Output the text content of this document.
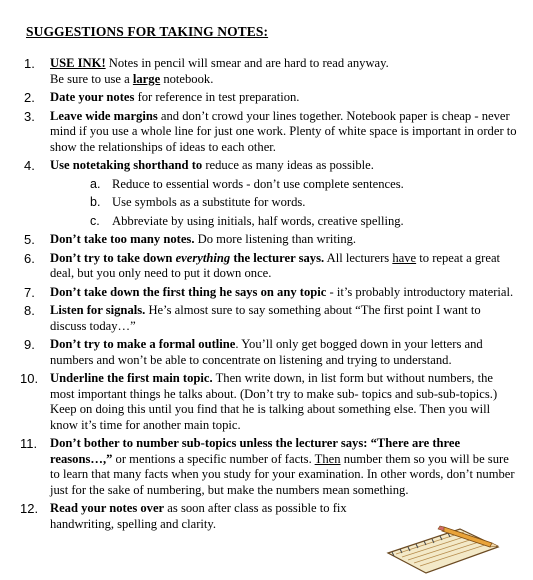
SUGGESTIONS FOR TAKING NOTES:
1.	USE INK! Notes in pencil will smear and are hard to read anyway.
Be sure to use a large notebook.
2.	Date your notes for reference in test preparation.
3.	Leave wide margins and don’t crowd your lines together. Notebook paper is cheap - never mind if you use a whole line for just one work. Plenty of white space is important in order to show the relationships of ideas to each other.
4.	Use notetaking shorthand to reduce as many ideas as possible.
a. Reduce to essential words - don’t use complete sentences.
b. Use symbols as a substitute for words.
c. Abbreviate by using initials, half words, creative spelling.
5.	Don’t take too many notes. Do more listening than writing.
6.	Don’t try to take down everything the lecturer says. All lecturers have to repeat a great deal, but you only need to put it down once.
7.	Don’t take down the first thing he says on any topic - it’s probably introductory material.
8.	Listen for signals. He’s almost sure to say something about “The first point I want to discuss today…”
9.	Don’t try to make a formal outline. You’ll only get bogged down in your letters and numbers and won’t be able to concentrate on listening and trying to understand.
10. Underline the first main topic. Then write down, in list form but without numbers, the most important things he talks about. (Don’t try to make sub- topics and sub-sub-topics.) Keep on doing this until you find that he is talking about something else. Then you will know it’s time for another main topic.
11.	Don’t bother to number sub-topics unless the lecturer says: “There are three reasons…,” or mentions a specific number of facts. Then number them so you will be sure to learn that many facts when you study for your examination. In other words, don’t number just for the sake of numbering, but make the numbers mean something.
12. Read your notes over as soon after class as possible to fix handwriting, spelling and clarity.
